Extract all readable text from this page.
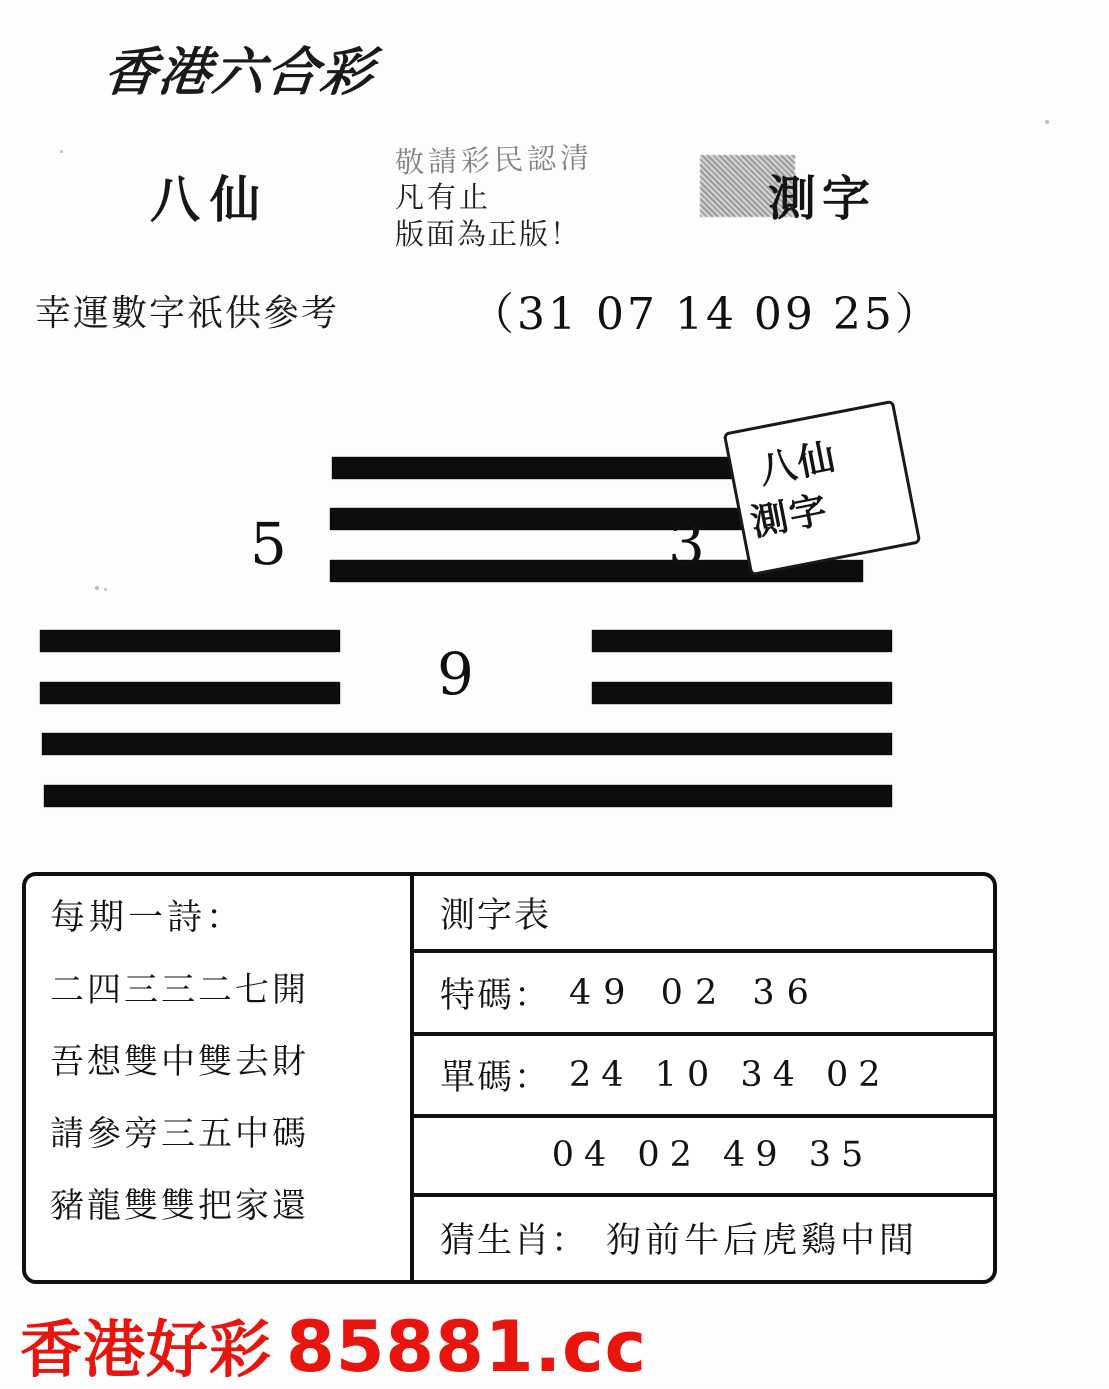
香港六合彩
八仙
敬請彩民認清
凡有止
版面為正版！
測字
幸運數字祇供參考	（31 07 14 09 25）
5	3
9
八仙
測字
每期一詩：
二四三三二七開
吾想雙中雙去財
請參旁三五中碼
豬龍雙雙把家還
測字表
特碼： 49 02 36
單碼： 24 10 34 02
04 02 49 35
猜生肖： 狗前牛后虎鷄中間
香港好彩 85881.cc
